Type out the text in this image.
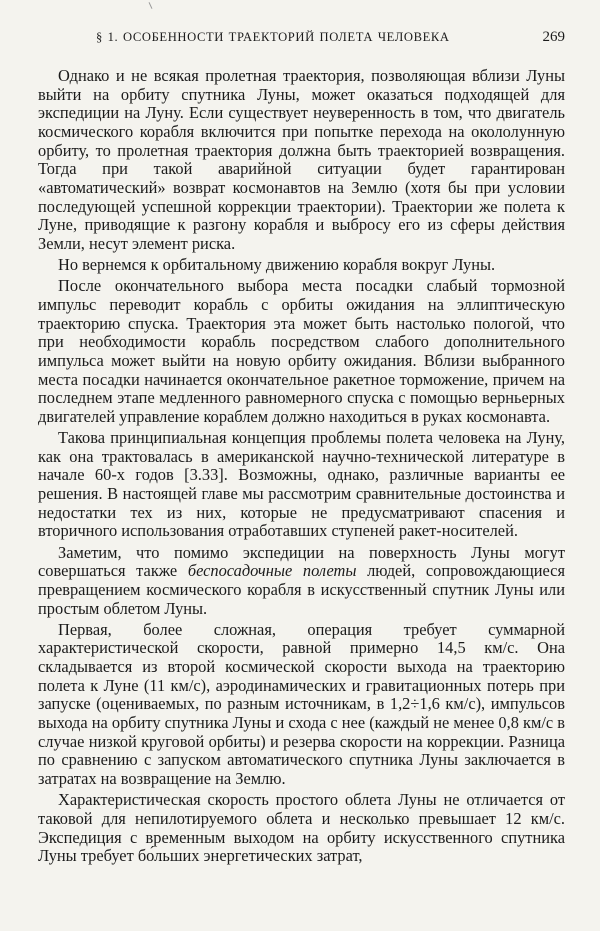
§ 1. ОСОБЕННОСТИ ТРАЕКТОРИЙ ПОЛЕТА ЧЕЛОВЕКА	269

Однако и не всякая пролетная траектория, позволяющая вблизи Луны выйти на орбиту спутника Луны, может оказаться подходящей для экспедиции на Луну. Если существует неуверенность в том, что двигатель космического корабля включится при попытке перехода на окололунную орбиту, то пролетная траектория должна быть траекторией возвращения. Тогда при такой аварийной ситуации будет гарантирован «автоматический» возврат космонавтов на Землю (хотя бы при условии последующей успешной коррекции траектории). Траектории же полета к Луне, приводящие к разгону корабля и выбросу его из сферы действия Земли, несут элемент риска.

Но вернемся к орбитальному движению корабля вокруг Луны.

После окончательного выбора места посадки слабый тормозной импульс переводит корабль с орбиты ожидания на эллиптическую траекторию спуска. Траектория эта может быть настолько пологой, что при необходимости корабль посредством слабого дополнительного импульса может выйти на новую орбиту ожидания. Вблизи выбранного места посадки начинается окончательное ракетное торможение, причем на последнем этапе медленного равномерного спуска с помощью верньерных двигателей управление кораблем должно находиться в руках космонавта.

Такова принципиальная концепция проблемы полета человека на Луну, как она трактовалась в американской научно-технической литературе в начале 60-х годов [3.33]. Возможны, однако, различные варианты ее решения. В настоящей главе мы рассмотрим сравнительные достоинства и недостатки тех из них, которые не предусматривают спасения и вторичного использования отработавших ступеней ракет-носителей.

Заметим, что помимо экспедиции на поверхность Луны могут совершаться также беспосадочные полеты людей, сопровождающиеся превращением космического корабля в искусственный спутник Луны или простым облетом Луны.

Первая, более сложная, операция требует суммарной характеристической скорости, равной примерно 14,5 км/с. Она складывается из второй космической скорости выхода на траекторию полета к Луне (11 км/с), аэродинамических и гравитационных потерь при запуске (оцениваемых, по разным источникам, в 1,2÷1,6 км/с), импульсов выхода на орбиту спутника Луны и схода с нее (каждый не менее 0,8 км/с в случае низкой круговой орбиты) и резерва скорости на коррекции. Разница по сравнению с запуском автоматического спутника Луны заключается в затратах на возвращение на Землю.

Характеристическая скорость простого облета Луны не отличается от таковой для непилотируемого облета и несколько превышает 12 км/с. Экспедиция с временным выходом на орбиту искусственного спутника Луны требует бо́льших энергетических затрат,
